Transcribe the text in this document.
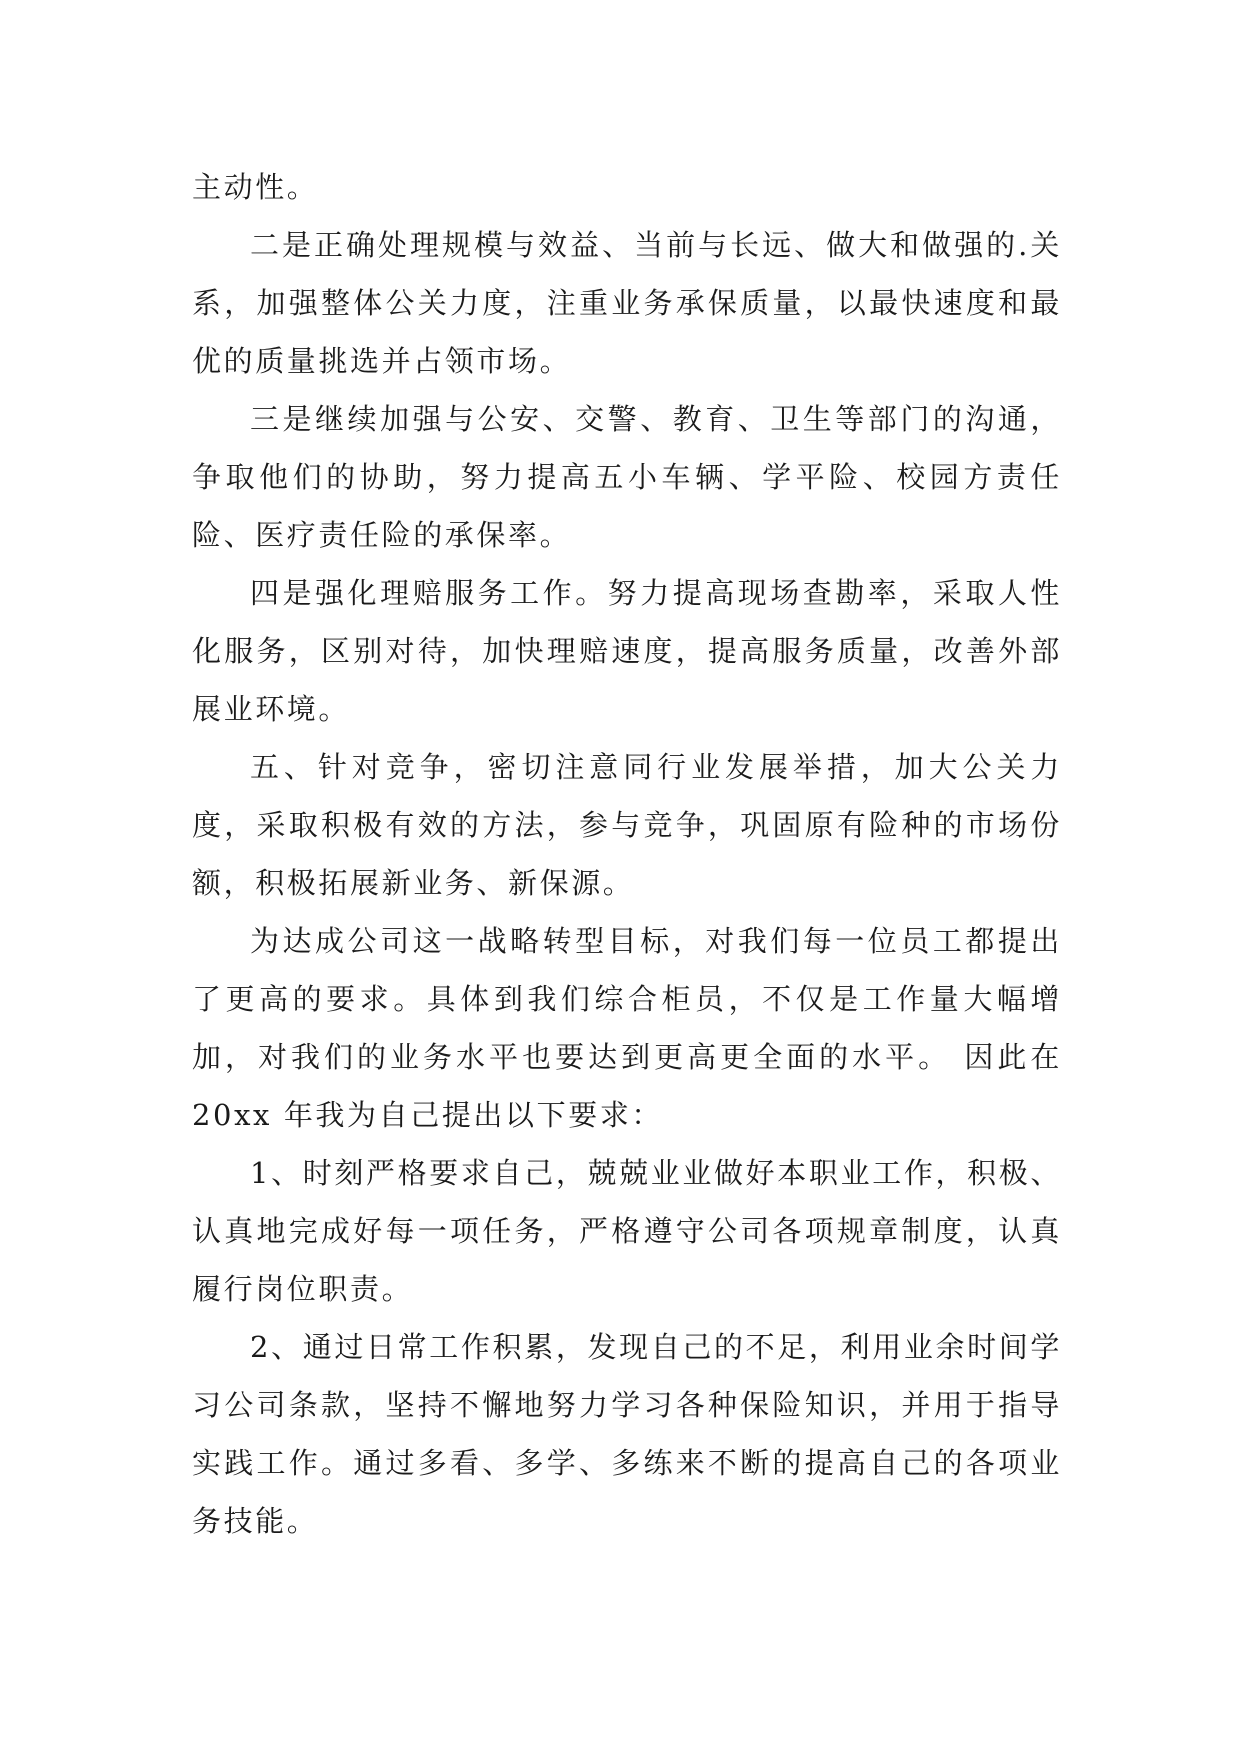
主动性。

二是正确处理规模与效益、当前与长远、做大和做强的.关系，加强整体公关力度，注重业务承保质量，以最快速度和最优的质量挑选并占领市场。

三是继续加强与公安、交警、教育、卫生等部门的沟通，争取他们的协助，努力提高五小车辆、学平险、校园方责任险、医疗责任险的承保率。

四是强化理赔服务工作。努力提高现场查勘率，采取人性化服务，区别对待，加快理赔速度，提高服务质量，改善外部展业环境。

五、针对竞争，密切注意同行业发展举措，加大公关力度，采取积极有效的方法，参与竞争，巩固原有险种的市场份额，积极拓展新业务、新保源。

为达成公司这一战略转型目标，对我们每一位员工都提出了更高的要求。具体到我们综合柜员，不仅是工作量大幅增加，对我们的业务水平也要达到更高更全面的水平。 因此在 20xx 年我为自己提出以下要求：

1、时刻严格要求自己，兢兢业业做好本职业工作，积极、认真地完成好每一项任务，严格遵守公司各项规章制度，认真履行岗位职责。

2、通过日常工作积累，发现自己的不足，利用业余时间学习公司条款，坚持不懈地努力学习各种保险知识，并用于指导实践工作。通过多看、多学、多练来不断的提高自己的各项业务技能。
